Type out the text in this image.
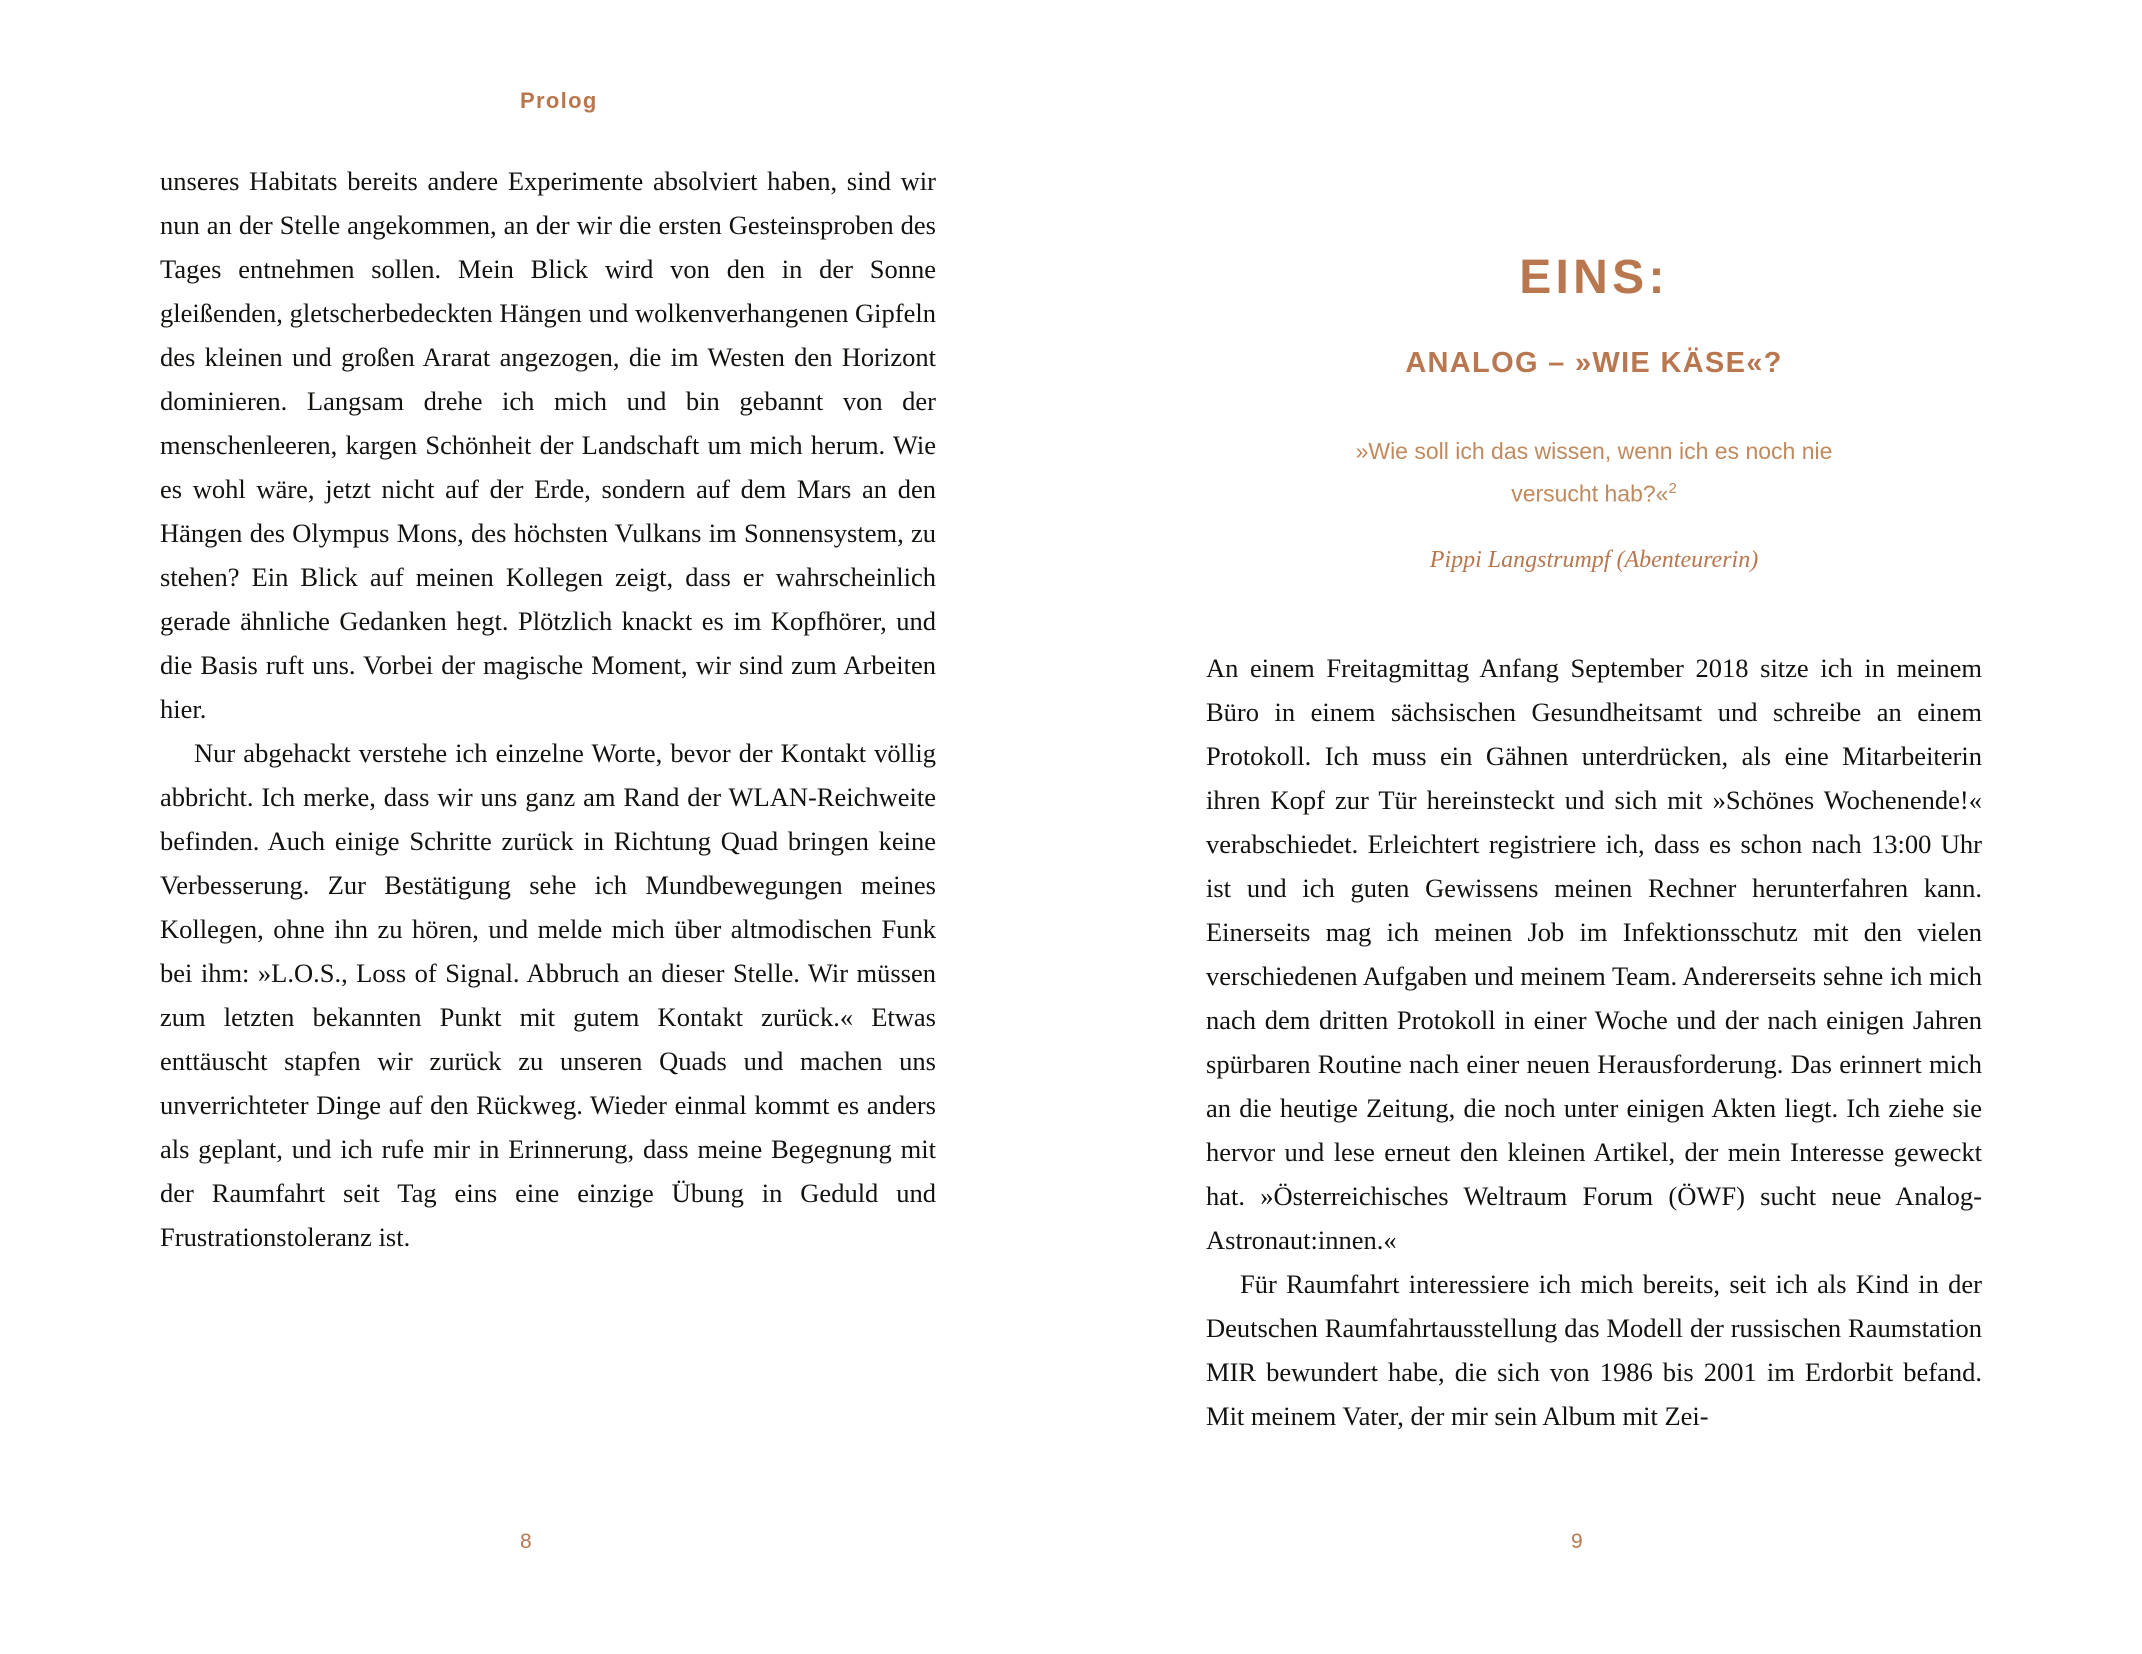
Prolog

unseres Habitats bereits andere Experimente absolviert haben, sind wir nun an der Stelle angekommen, an der wir die ersten Gesteinsproben des Tages entnehmen sollen. Mein Blick wird von den in der Sonne gleißenden, gletscherbedeckten Hängen und wolkenverhangenen Gipfeln des kleinen und großen Ararat angezogen, die im Westen den Horizont dominieren. Langsam drehe ich mich und bin gebannt von der menschenleeren, kargen Schönheit der Landschaft um mich herum. Wie es wohl wäre, jetzt nicht auf der Erde, sondern auf dem Mars an den Hängen des Olympus Mons, des höchsten Vulkans im Sonnensystem, zu stehen? Ein Blick auf meinen Kollegen zeigt, dass er wahrscheinlich gerade ähnliche Gedanken hegt. Plötzlich knackt es im Kopfhörer, und die Basis ruft uns. Vorbei der magische Moment, wir sind zum Arbeiten hier.

Nur abgehackt verstehe ich einzelne Worte, bevor der Kontakt völlig abbricht. Ich merke, dass wir uns ganz am Rand der WLAN-Reichweite befinden. Auch einige Schritte zurück in Richtung Quad bringen keine Verbesserung. Zur Bestätigung sehe ich Mundbewegungen meines Kollegen, ohne ihn zu hören, und melde mich über altmodischen Funk bei ihm: »L.O.S., Loss of Signal. Abbruch an dieser Stelle. Wir müssen zum letzten bekannten Punkt mit gutem Kontakt zurück.« Etwas enttäuscht stapfen wir zurück zu unseren Quads und machen uns unverrichteter Dinge auf den Rückweg. Wieder einmal kommt es anders als geplant, und ich rufe mir in Erinnerung, dass meine Begegnung mit der Raumfahrt seit Tag eins eine einzige Übung in Geduld und Frustrationstoleranz ist.

8
EINS:
ANALOG – »WIE KÄSE«?

»Wie soll ich das wissen, wenn ich es noch nie versucht hab?«$^2$

Pippi Langstrumpf (Abenteurerin)

An einem Freitagmittag Anfang September 2018 sitze ich in meinem Büro in einem sächsischen Gesundheitsamt und schreibe an einem Protokoll. Ich muss ein Gähnen unterdrücken, als eine Mitarbeiterin ihren Kopf zur Tür hereinsteckt und sich mit »Schönes Wochenende!« verabschiedet. Erleichtert registriere ich, dass es schon nach 13:00 Uhr ist und ich guten Gewissens meinen Rechner herunterfahren kann. Einerseits mag ich meinen Job im Infektionsschutz mit den vielen verschiedenen Aufgaben und meinem Team. Andererseits sehne ich mich nach dem dritten Protokoll in einer Woche und der nach einigen Jahren spürbaren Routine nach einer neuen Herausforderung. Das erinnert mich an die heutige Zeitung, die noch unter einigen Akten liegt. Ich ziehe sie hervor und lese erneut den kleinen Artikel, der mein Interesse geweckt hat. »Österreichisches Weltraum Forum (ÖWF) sucht neue Analog-Astronaut:innen.«

Für Raumfahrt interessiere ich mich bereits, seit ich als Kind in der Deutschen Raumfahrtausstellung das Modell der russischen Raumstation MIR bewundert habe, die sich von 1986 bis 2001 im Erdorbit befand. Mit meinem Vater, der mir sein Album mit Zei-

9
